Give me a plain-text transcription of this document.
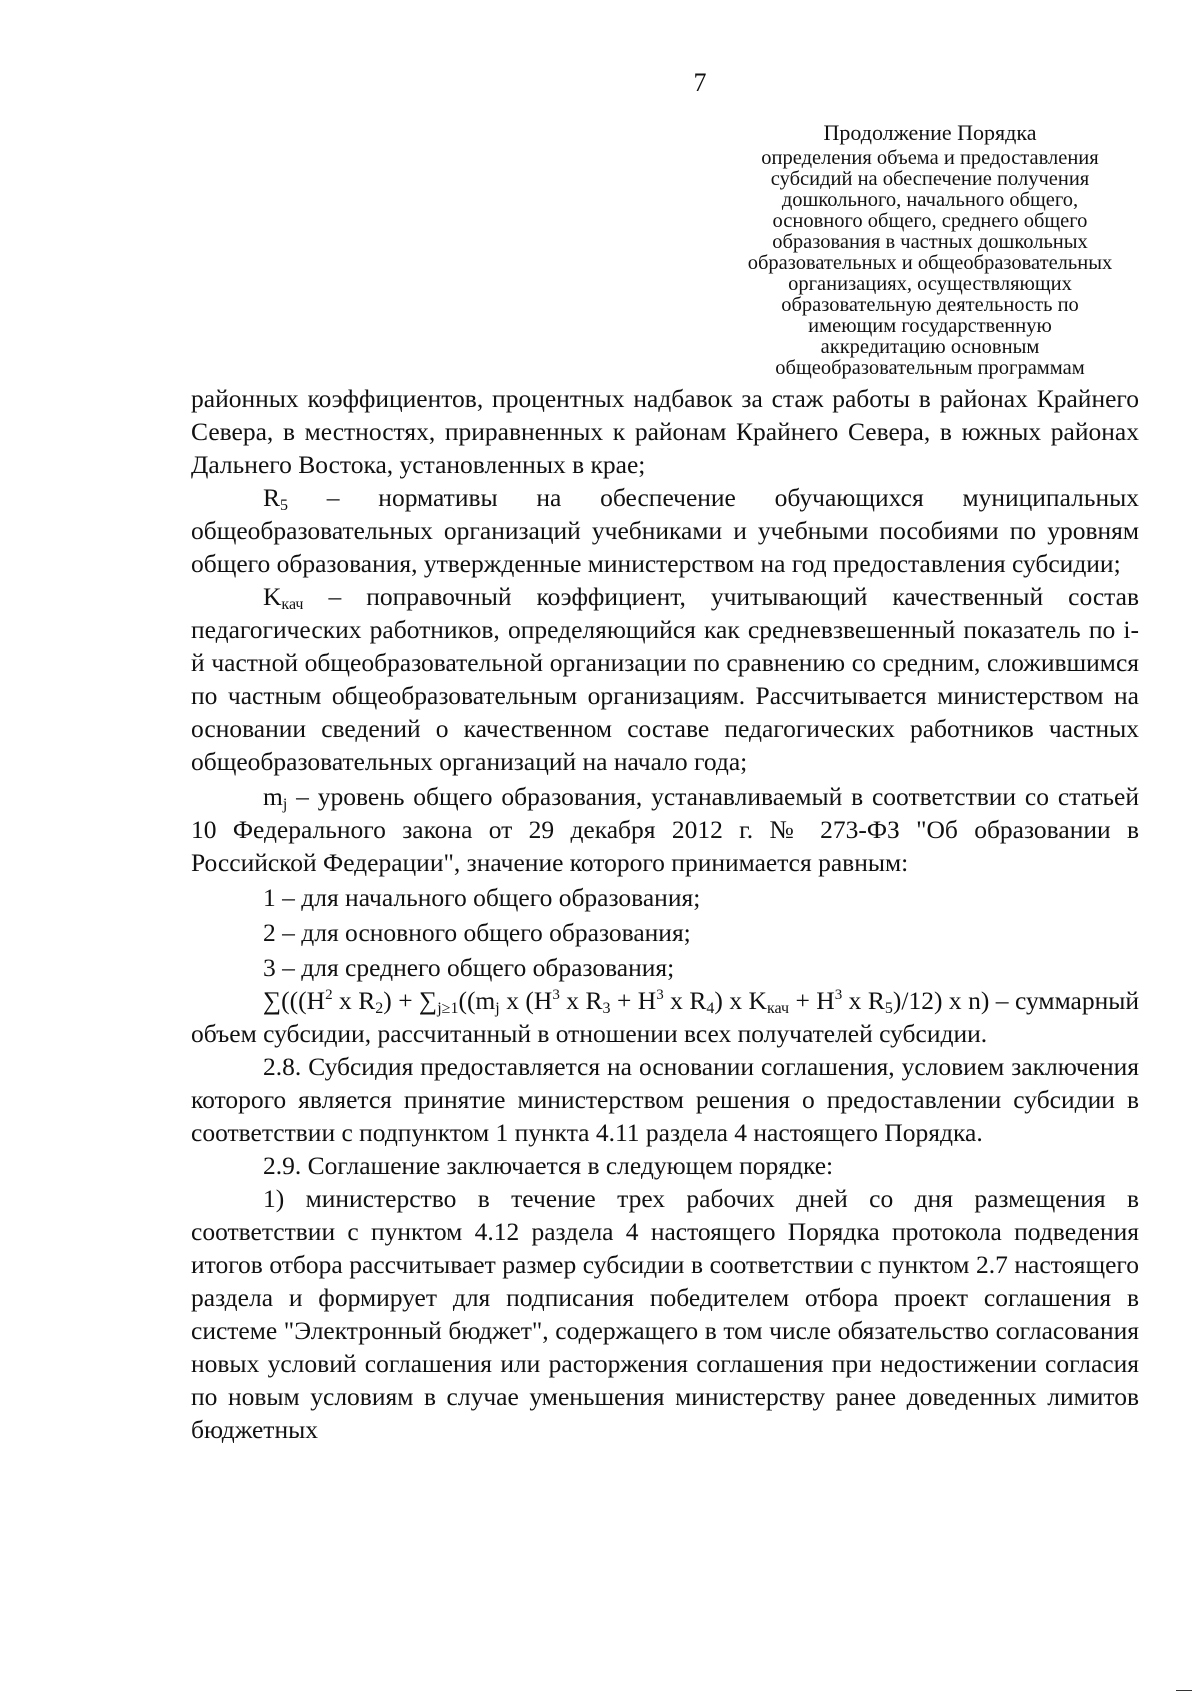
7
Продолжение Порядка
определения объема и предоставления
субсидий на обеспечение получения
дошкольного, начального общего,
основного общего, среднего общего
образования в частных дошкольных
образовательных и общеобразовательных
организациях, осуществляющих
образовательную деятельность по
имеющим государственную
аккредитацию основным
общеобразовательным программам

районных коэффициентов, процентных надбавок за стаж работы в районах Крайнего Севера, в местностях, приравненных к районам Крайнего Севера, в южных районах Дальнего Востока, установленных в крае;

$R_5$ – нормативы на обеспечение обучающихся муниципальных общеобразовательных организаций учебниками и учебными пособиями по уровням общего образования, утвержденные министерством на год предоставления субсидии;

$K_{кач}$ – поправочный коэффициент, учитывающий качественный состав педагогических работников, определяющийся как средневзвешенный показатель по i-й частной общеобразовательной организации по сравнению со средним, сложившимся по частным общеобразовательным организациям. Рассчитывается министерством на основании сведений о качественном составе педагогических работников частных общеобразовательных организаций на начало года;

$m_j$ – уровень общего образования, устанавливаемый в соответствии со статьей 10 Федерального закона от 29 декабря 2012 г. № 273-ФЗ "Об образовании в Российской Федерации", значение которого принимается равным:

1 – для начального общего образования;

2 – для основного общего образования;

3 – для среднего общего образования;

$\sum(((H^2$ x $R_2) + \sum_{j\ge 1}((m_j$ x ($H^3$ x $R_3 + H^3$ x $R_4$) x $K_{кач} + H^3$ x $R_5)/12$) x n) – суммарный объем субсидии, рассчитанный в отношении всех получателей субсидии.

2.8. Субсидия предоставляется на основании соглашения, условием заключения которого является принятие министерством решения о предоставлении субсидии в соответствии с подпунктом 1 пункта 4.11 раздела 4 настоящего Порядка.

2.9. Соглашение заключается в следующем порядке:

1) министерство в течение трех рабочих дней со дня размещения в соответствии с пунктом 4.12 раздела 4 настоящего Порядка протокола подведения итогов отбора рассчитывает размер субсидии в соответствии с пунктом 2.7 настоящего раздела и формирует для подписания победителем отбора проект соглашения в системе "Электронный бюджет", содержащего в том числе обязательство согласования новых условий соглашения или расторжения соглашения при недостижении согласия по новым условиям в случае уменьшения министерству ранее доведенных лимитов бюджетных
